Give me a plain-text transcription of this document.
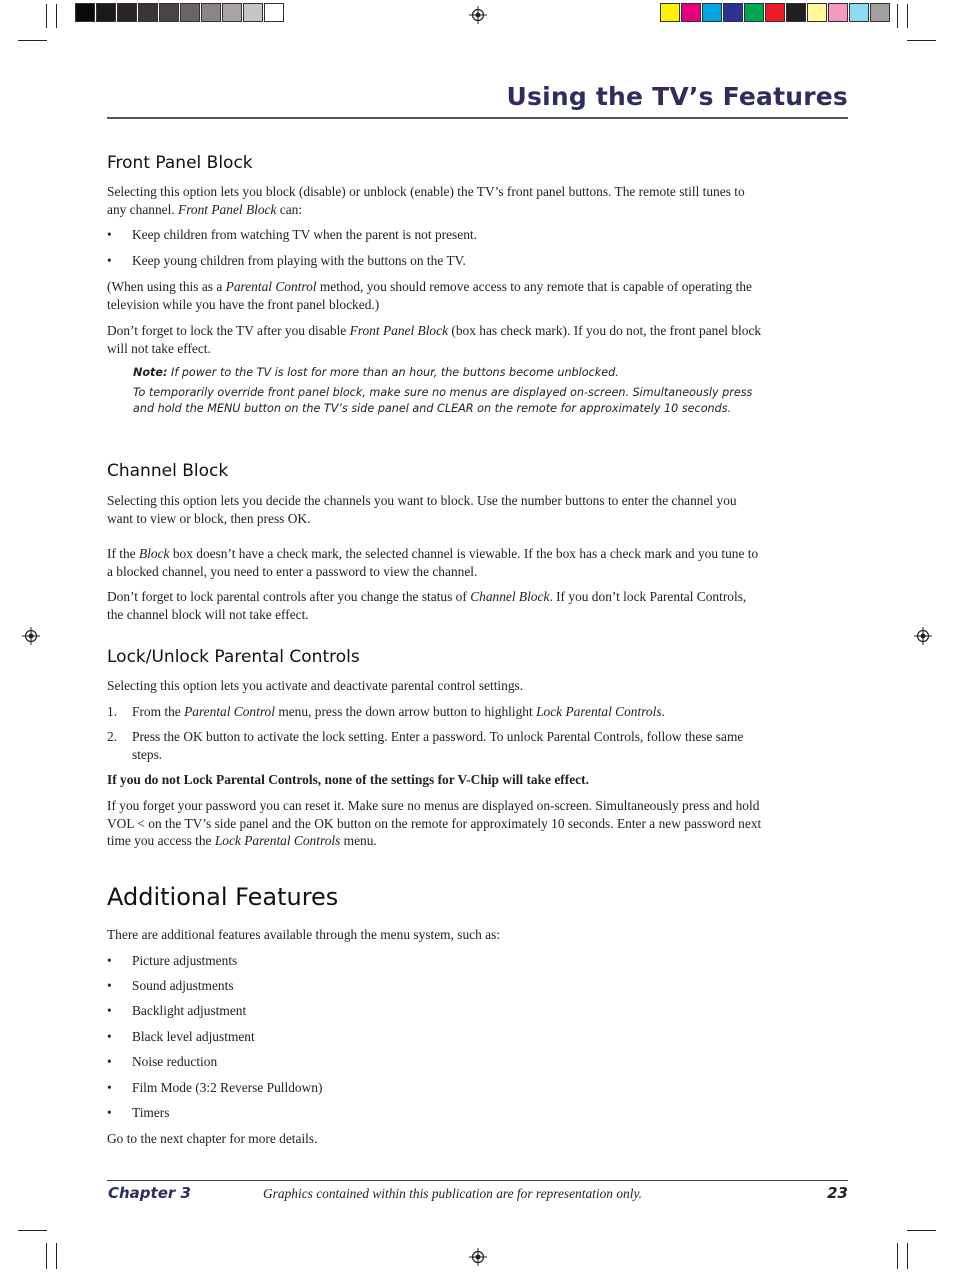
Using the TV’s Features
Front Panel Block
Selecting this option lets you block (disable) or unblock (enable) the TV’s front panel buttons. The remote still tunes to any channel. Front Panel Block can:
•	Keep children from watching TV when the parent is not present.
•	Keep young children from playing with the buttons on the TV.
(When using this as a Parental Control method, you should remove access to any remote that is capable of operating the television while you have the front panel blocked.)
Don’t forget to lock the TV after you disable Front Panel Block (box has check mark). If you do not, the front panel block will not take effect.
Note: If power to the TV is lost for more than an hour, the buttons become unblocked.
To temporarily override front panel block, make sure no menus are displayed on-screen. Simultaneously press and hold the MENU button on the TV’s side panel and CLEAR on the remote for approximately 10 seconds.
Channel Block
Selecting this option lets you decide the channels you want to block. Use the number buttons to enter the channel you want to view or block, then press OK.
If the Block box doesn’t have a check mark, the selected channel is viewable. If the box has a check mark and you tune to a blocked channel, you need to enter a password to view the channel.
Don’t forget to lock parental controls after you change the status of Channel Block. If you don’t lock Parental Controls, the channel block will not take effect.
Lock/Unlock Parental Controls
Selecting this option lets you activate and deactivate parental control settings.
1.	From the Parental Control menu, press the down arrow button to highlight Lock Parental Controls.
2.	Press the OK button to activate the lock setting. Enter a password. To unlock Parental Controls, follow these same steps.
If you do not Lock Parental Controls, none of the settings for V-Chip will take effect.
If you forget your password you can reset it. Make sure no menus are displayed on-screen. Simultaneously press and hold VOL < on the TV’s side panel and the OK button on the remote for approximately 10 seconds. Enter a new password next time you access the Lock Parental Controls menu.
Additional Features
There are additional features available through the menu system, such as:
•	Picture adjustments
•	Sound adjustments
•	Backlight adjustment
•	Black level adjustment
•	Noise reduction
•	Film Mode (3:2 Reverse Pulldown)
•	Timers
Go to the next chapter for more details.
Chapter 3	Graphics contained within this publication are for representation only.	23
